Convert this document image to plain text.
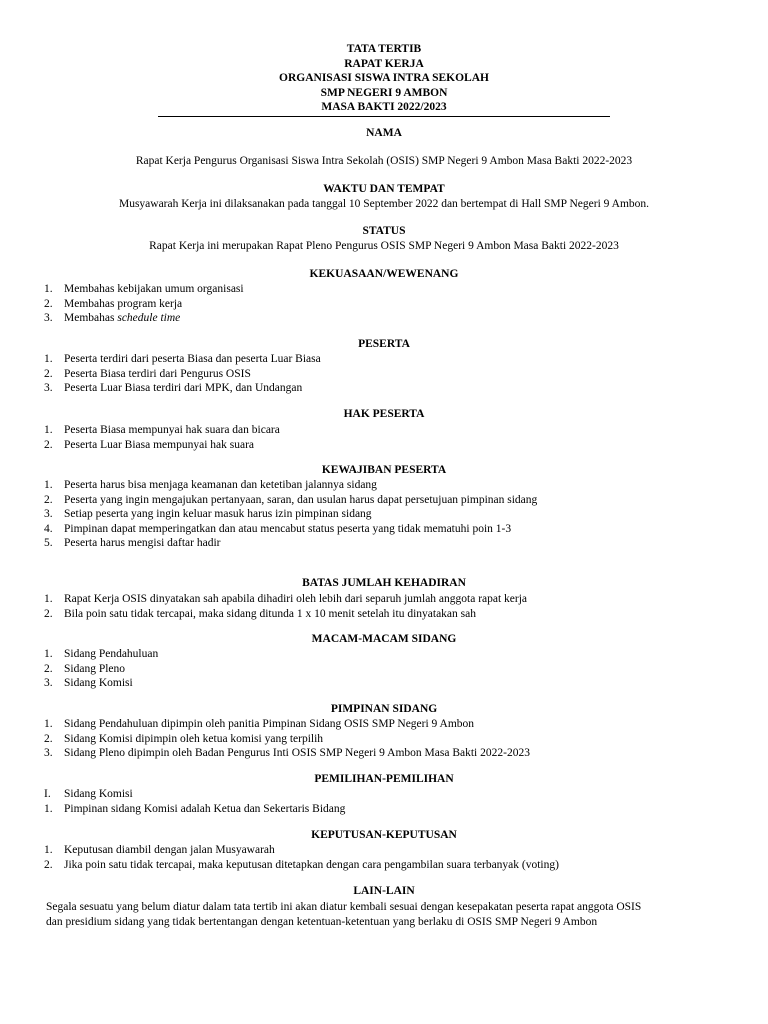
TATA TERTIB
RAPAT KERJA
ORGANISASI SISWA INTRA SEKOLAH
SMP NEGERI 9 AMBON
MASA BAKTI 2022/2023
NAMA
Rapat Kerja Pengurus Organisasi Siswa Intra Sekolah (OSIS) SMP Negeri 9 Ambon Masa Bakti 2022-2023
WAKTU DAN TEMPAT
Musyawarah Kerja ini dilaksanakan pada tanggal 10 September 2022 dan bertempat di Hall SMP Negeri 9 Ambon.
STATUS
Rapat Kerja ini merupakan Rapat Pleno Pengurus OSIS SMP Negeri 9 Ambon Masa Bakti 2022-2023
KEKUASAAN/WEWENANG
1. Membahas kebijakan umum organisasi
2. Membahas program kerja
3. Membahas schedule time
PESERTA
1. Peserta terdiri dari peserta Biasa dan peserta Luar Biasa
2. Peserta Biasa terdiri dari Pengurus OSIS
3. Peserta Luar Biasa terdiri dari MPK, dan Undangan
HAK PESERTA
1. Peserta Biasa mempunyai hak suara dan bicara
2. Peserta Luar Biasa mempunyai hak suara
KEWAJIBAN PESERTA
1. Peserta harus bisa menjaga keamanan dan ketetiban jalannya sidang
2. Peserta yang ingin mengajukan pertanyaan, saran, dan usulan harus dapat persetujuan pimpinan sidang
3. Setiap peserta yang ingin keluar masuk harus izin pimpinan sidang
4. Pimpinan dapat memperingatkan dan atau mencabut status peserta yang tidak mematuhi poin 1-3
5. Peserta harus mengisi daftar hadir
BATAS JUMLAH KEHADIRAN
1. Rapat Kerja OSIS dinyatakan sah apabila dihadiri oleh lebih dari separuh jumlah anggota rapat kerja
2. Bila poin satu tidak tercapai, maka sidang ditunda 1 x 10 menit setelah itu dinyatakan sah
MACAM-MACAM SIDANG
1. Sidang Pendahuluan
2. Sidang Pleno
3. Sidang Komisi
PIMPINAN SIDANG
1. Sidang Pendahuluan dipimpin oleh panitia Pimpinan Sidang OSIS SMP Negeri 9 Ambon
2. Sidang Komisi dipimpin oleh ketua komisi yang terpilih
3. Sidang Pleno dipimpin oleh Badan Pengurus Inti OSIS SMP Negeri 9 Ambon Masa Bakti 2022-2023
PEMILIHAN-PEMILIHAN
I. Sidang Komisi
1. Pimpinan sidang Komisi adalah Ketua dan Sekertaris Bidang
KEPUTUSAN-KEPUTUSAN
1. Keputusan diambil dengan jalan Musyawarah
2. Jika poin satu tidak tercapai, maka keputusan ditetapkan dengan cara pengambilan suara terbanyak (voting)
LAIN-LAIN
Segala sesuatu yang belum diatur dalam tata tertib ini akan diatur kembali sesuai dengan kesepakatan peserta rapat anggota OSIS
dan presidium sidang yang tidak bertentangan dengan ketentuan-ketentuan yang berlaku di OSIS SMP Negeri 9 Ambon
